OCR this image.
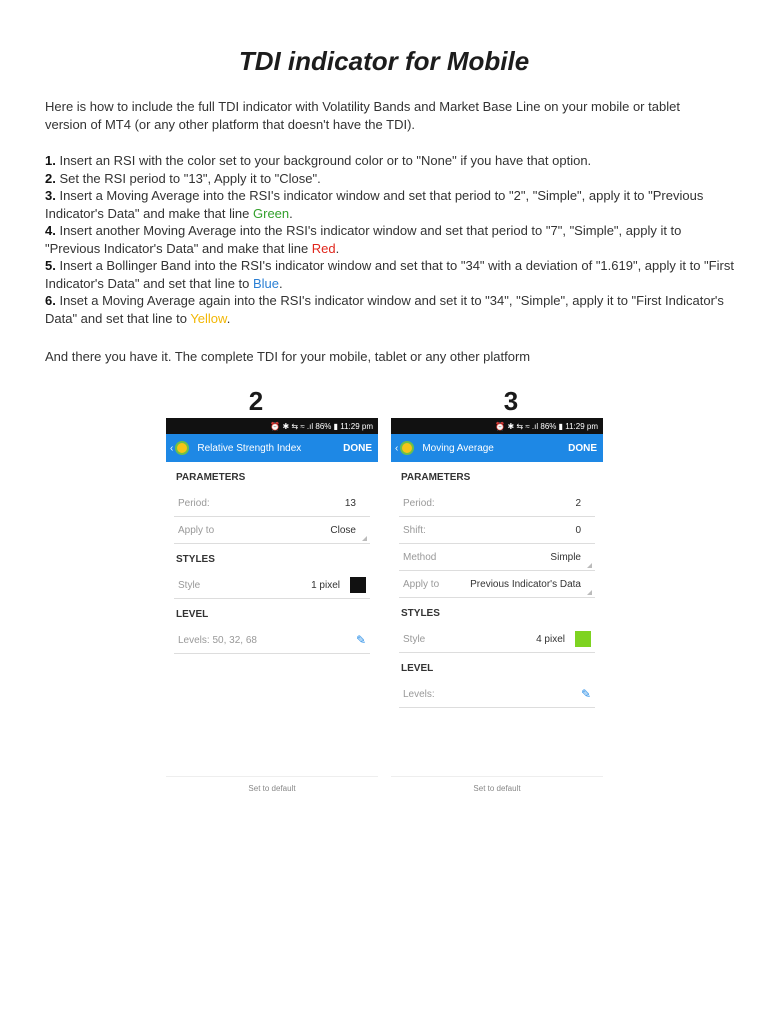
TDI indicator for Mobile
Here is how to include the full TDI indicator with Volatility Bands and Market Base Line on your mobile or tablet version of MT4 (or any other platform that doesn't have the TDI).

1. Insert an RSI with the color set to your background color or to "None" if you have that option.

2. Set the RSI period to "13", Apply it to "Close".

3. Insert a Moving Average into the RSI's indicator window and set that period to "2", "Simple", apply it to "Previous Indicator's Data" and make that line Green.

4. Insert another Moving Average into the RSI's indicator window and set that period to "7", "Simple", apply it to "Previous Indicator's Data" and make that line Red.

5. Insert a Bollinger Band into the RSI's indicator window and set that to "34" with a deviation of "1.619", apply it to "First Indicator's Data" and set that line to Blue.

6. Inset a Moving Average again into the RSI's indicator window and set it to "34", "Simple", apply it to "First Indicator's Data" and set that line to Yellow.

And there you have it. The complete TDI for your mobile, tablet or any other platform
2
⏰ ✱ ⇆ ≈ .ıl 86% ▮ 11:29 pm
‹ Relative Strength Index	DONE
PARAMETERS
Period:	13
Apply to	Close
STYLES
Style	1 pixel
LEVEL
Levels: 50, 32, 68	✎
Set to default
3
⏰ ✱ ⇆ ≈ .ıl 86% ▮ 11:29 pm
‹ Moving Average	DONE
PARAMETERS
Period:	2
Shift:	0
Method	Simple
Apply to	Previous Indicator's Data
STYLES
Style	4 pixel
LEVEL
Levels:	✎
Set to default
